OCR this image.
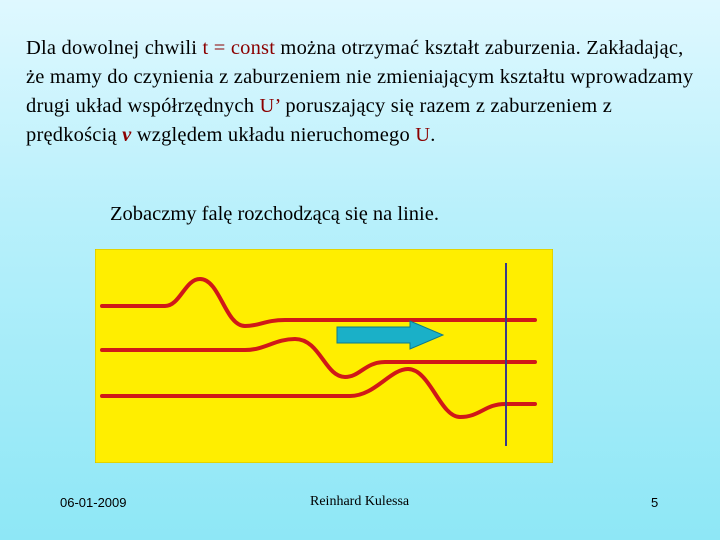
Dla dowolnej chwili t = const można otrzymać kształt zaburzenia. Zakładając, że mamy do czynienia z zaburzeniem nie zmieniającym kształtu wprowadzamy drugi układ współrzędnych U’ poruszający się razem z zaburzeniem z prędkością v względem układu nieruchomego U.
Zobaczmy falę rozchodzącą się na linie.
06-01-2009	Reinhard Kulessa	5
